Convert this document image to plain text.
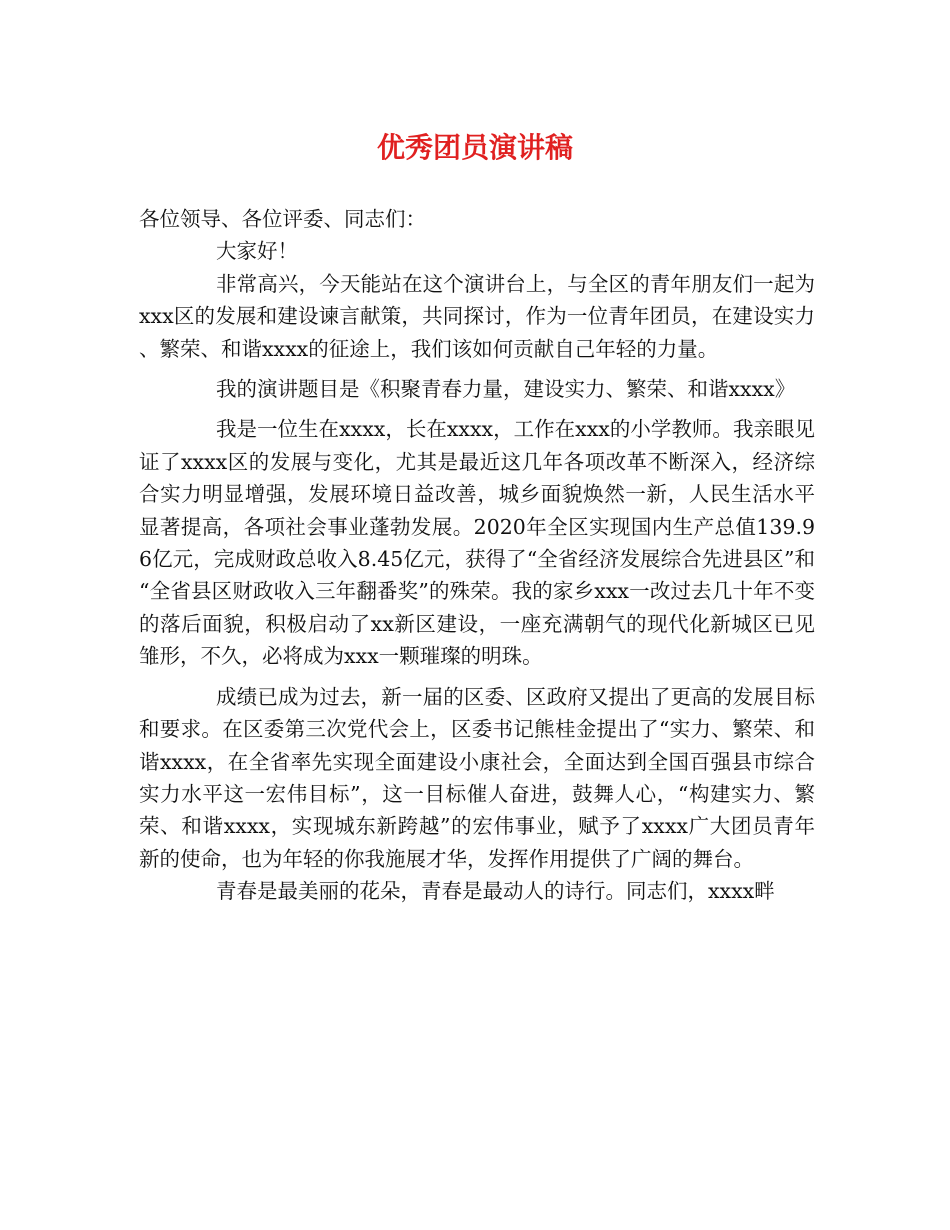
优秀团员演讲稿

各位领导、各位评委、同志们：

大家好！

非常高兴，今天能站在这个演讲台上，与全区的青年朋友们一起为xxx区的发展和建设谏言献策，共同探讨，作为一位青年团员，在建设实力、繁荣、和谐xxxx的征途上，我们该如何贡献自己年轻的力量。

我的演讲题目是《积聚青春力量，建设实力、繁荣、和谐xxxx》

我是一位生在xxxx，长在xxxx，工作在xxx的小学教师。我亲眼见证了xxxx区的发展与变化，尤其是最近这几年各项改革不断深入，经济综合实力明显增强，发展环境日益改善，城乡面貌焕然一新，人民生活水平显著提高，各项社会事业蓬勃发展。2020年全区实现国内生产总值139.96亿元，完成财政总收入8.45亿元，获得了“全省经济发展综合先进县区”和“全省县区财政收入三年翻番奖”的殊荣。我的家乡xxx一改过去几十年不变的落后面貌，积极启动了xx新区建设，一座充满朝气的现代化新城区已见雏形，不久，必将成为xxx一颗璀璨的明珠。

成绩已成为过去，新一届的区委、区政府又提出了更高的发展目标和要求。在区委第三次党代会上，区委书记熊桂金提出了“实力、繁荣、和谐xxxx，在全省率先实现全面建设小康社会，全面达到全国百强县市综合实力水平这一宏伟目标”，这一目标催人奋进，鼓舞人心，“构建实力、繁荣、和谐xxxx，实现城东新跨越”的宏伟事业，赋予了xxxx广大团员青年新的使命，也为年轻的你我施展才华，发挥作用提供了广阔的舞台。

青春是最美丽的花朵，青春是最动人的诗行。同志们，xxxx畔
